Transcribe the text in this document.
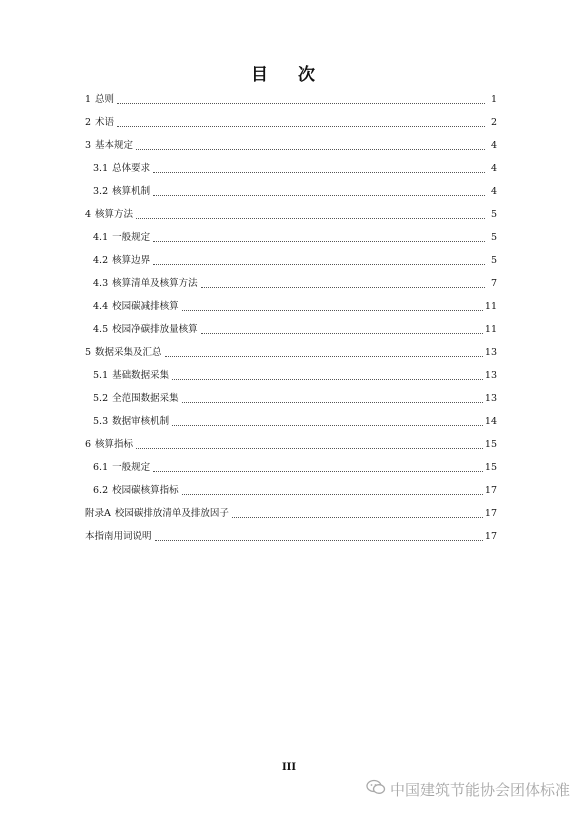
目 次
1 总则	1
2 术语	2
3 基本规定	4
3.1 总体要求	4
3.2 核算机制	4
4 核算方法	5
4.1 一般规定	5
4.2 核算边界	5
4.3 核算清单及核算方法	7
4.4 校园碳减排核算	11
4.5 校园净碳排放量核算	11
5 数据采集及汇总	13
5.1 基础数据采集	13
5.2 全范围数据采集	13
5.3 数据审核机制	14
6 核算指标	15
6.1 一般规定	15
6.2 校园碳核算指标	17
附录A 校园碳排放清单及排放因子	17
本指南用词说明	17
III
中国建筑节能协会团体标准
